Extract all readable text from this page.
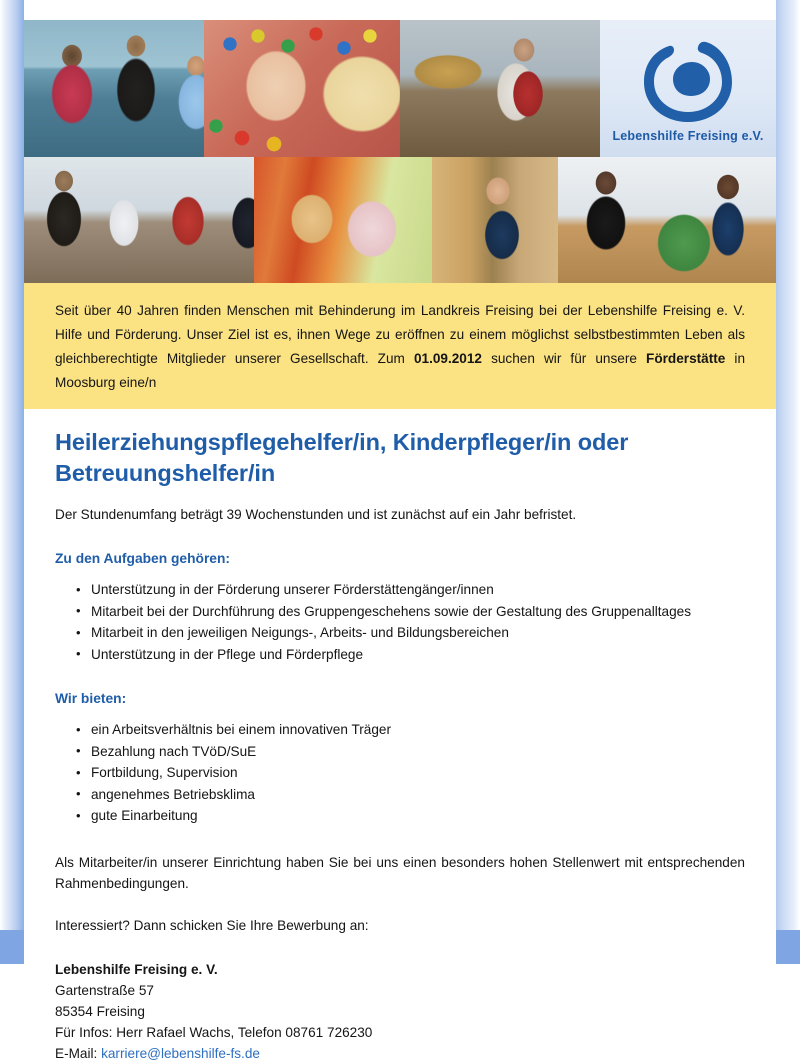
Lebenshilfe Freising e.V.

Seit über 40 Jahren finden Menschen mit Behinderung im Landkreis Freising bei der Lebenshilfe Freising e. V. Hilfe und Förderung. Unser Ziel ist es, ihnen Wege zu eröffnen zu einem möglichst selbstbestimmten Leben als gleichberechtigte Mitglieder unserer Gesellschaft. Zum 01.09.2012 suchen wir für unsere Förderstätte in Moosburg eine/n

Heilerziehungspflegehelfer/in, Kinderpfleger/in oder Betreuungshelfer/in

Der Stundenumfang beträgt 39 Wochenstunden und ist zunächst auf ein Jahr befristet.

Zu den Aufgaben gehören:
• Unterstützung in der Förderung unserer Förderstättengänger/innen
• Mitarbeit bei der Durchführung des Gruppengeschehens sowie der Gestaltung des Gruppenalltages
• Mitarbeit in den jeweiligen Neigungs-, Arbeits- und Bildungsbereichen
• Unterstützung in der Pflege und Förderpflege
Wir bieten:
• ein Arbeitsverhältnis bei einem innovativen Träger
• Bezahlung nach TVöD/SuE
• Fortbildung, Supervision
• angenehmes Betriebsklima
• gute Einarbeitung

Als Mitarbeiter/in unserer Einrichtung haben Sie bei uns einen besonders hohen Stellenwert mit entsprechenden Rahmenbedingungen.

Interessiert? Dann schicken Sie Ihre Bewerbung an:

Lebenshilfe Freising e. V.
Gartenstraße 57
85354 Freising
Für Infos: Herr Rafael Wachs, Telefon 08761 726230
E-Mail: karriere@lebenshilfe-fs.de
